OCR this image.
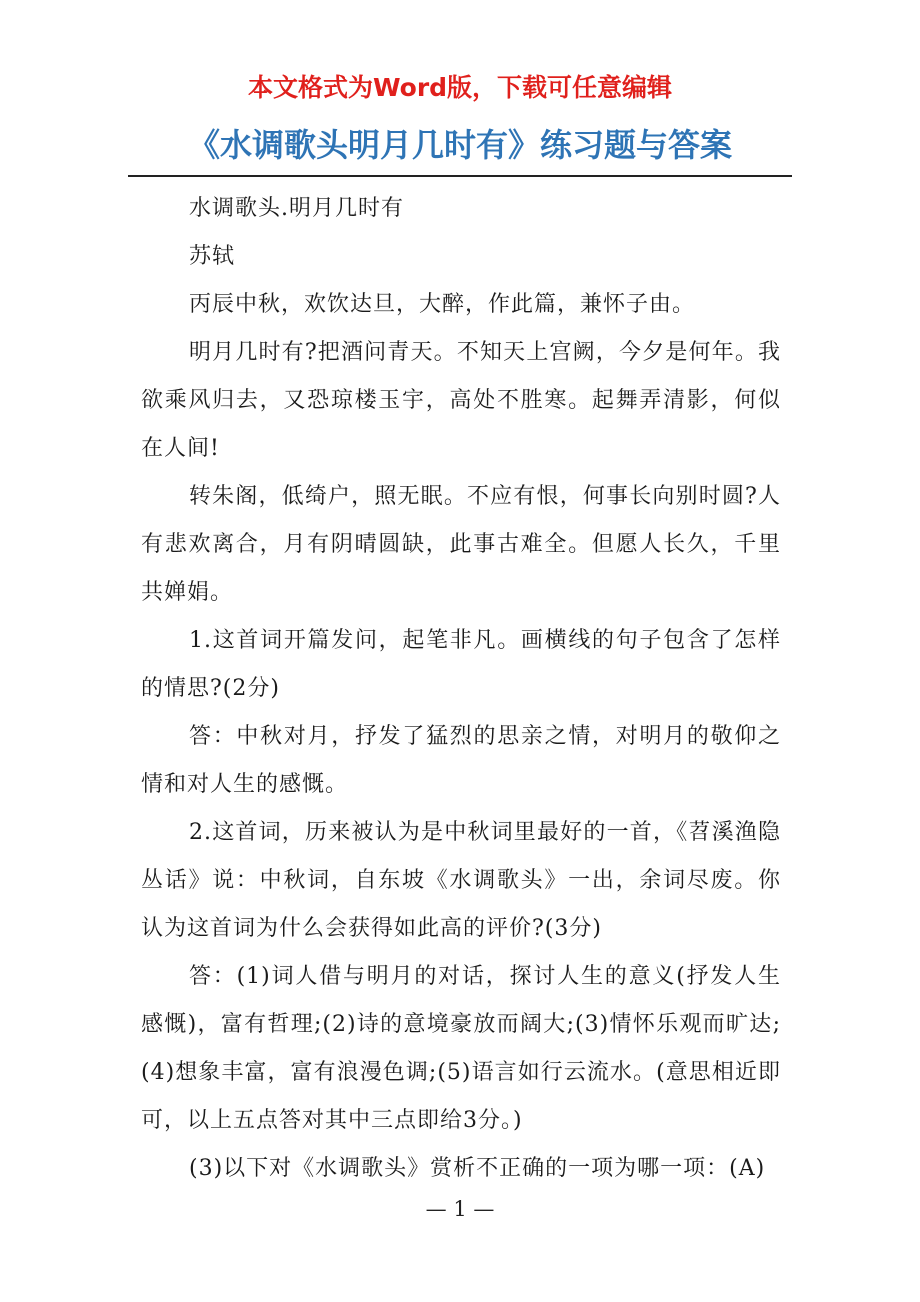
本文格式为Word版，下载可任意编辑

《水调歌头明月几时有》练习题与答案

水调歌头.明月几时有

苏轼

丙辰中秋，欢饮达旦，大醉，作此篇，兼怀子由。

明月几时有?把酒问青天。不知天上宫阙，今夕是何年。我欲乘风归去，又恐琼楼玉宇，高处不胜寒。起舞弄清影，何似在人间!

转朱阁，低绮户，照无眠。不应有恨，何事长向别时圆?人有悲欢离合，月有阴晴圆缺，此事古难全。但愿人长久，千里共婵娟。

1.这首词开篇发问，起笔非凡。画横线的句子包含了怎样的情思?(2分)

答：中秋对月，抒发了猛烈的思亲之情，对明月的敬仰之情和对人生的感慨。

2.这首词，历来被认为是中秋词里最好的一首，《苕溪渔隐丛话》说：中秋词，自东坡《水调歌头》一出，余词尽废。你认为这首词为什么会获得如此高的评价?(3分)

答：(1)词人借与明月的对话，探讨人生的意义(抒发人生感慨)，富有哲理;(2)诗的意境豪放而阔大;(3)情怀乐观而旷达;(4)想象丰富，富有浪漫色调;(5)语言如行云流水。(意思相近即可，以上五点答对其中三点即给3分。)

(3)以下对《水调歌头》赏析不正确的一项为哪一项：(A)

— 1 —
